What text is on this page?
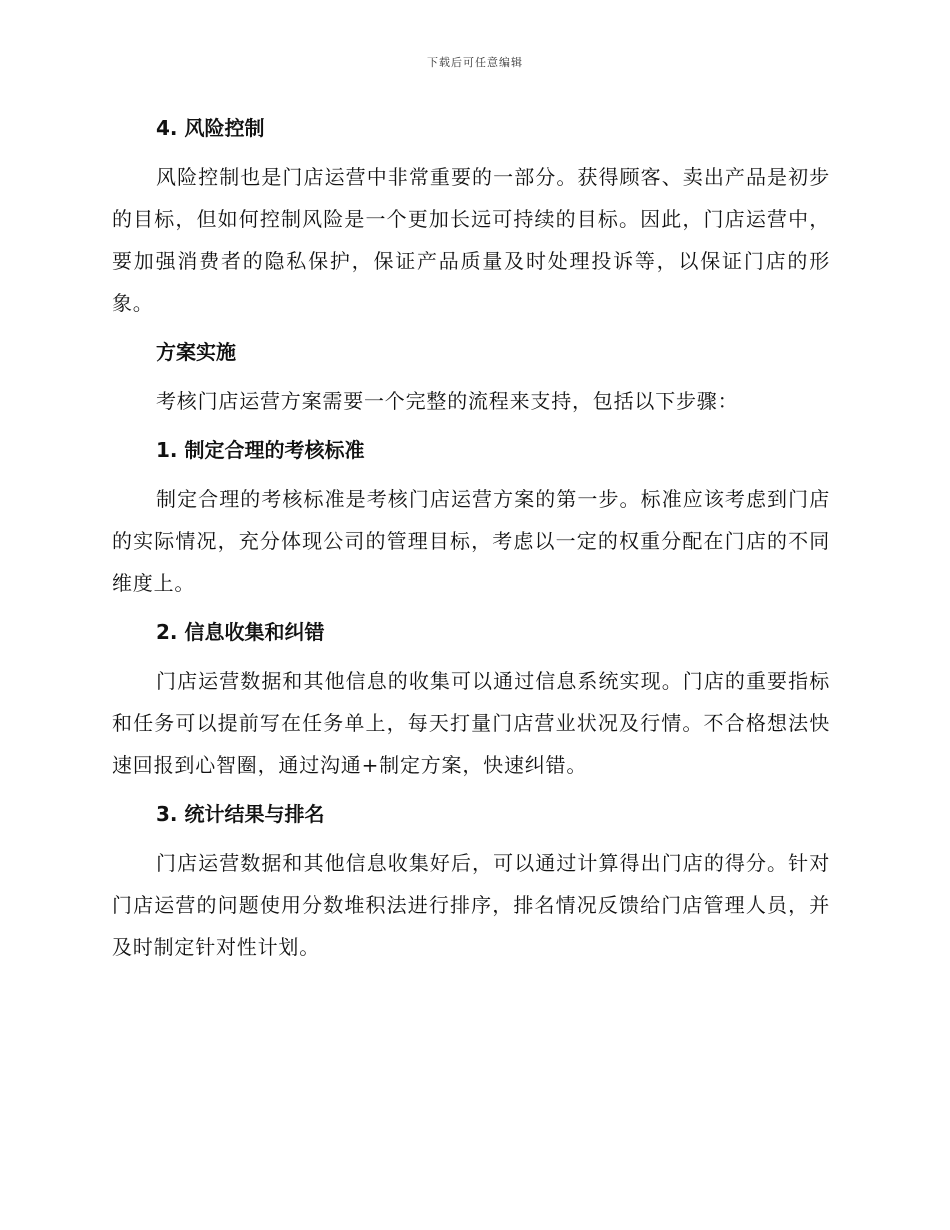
下载后可任意编辑
4. 风险控制
风险控制也是门店运营中非常重要的一部分。获得顾客、卖出产品是初步的目标，但如何控制风险是一个更加长远可持续的目标。因此，门店运营中，要加强消费者的隐私保护，保证产品质量及时处理投诉等，以保证门店的形象。
方案实施
考核门店运营方案需要一个完整的流程来支持，包括以下步骤：
1. 制定合理的考核标准
制定合理的考核标准是考核门店运营方案的第一步。标准应该考虑到门店的实际情况，充分体现公司的管理目标，考虑以一定的权重分配在门店的不同维度上。
2. 信息收集和纠错
门店运营数据和其他信息的收集可以通过信息系统实现。门店的重要指标和任务可以提前写在任务单上，每天打量门店营业状况及行情。不合格想法快速回报到心智圈，通过沟通+制定方案，快速纠错。
3. 统计结果与排名
门店运营数据和其他信息收集好后，可以通过计算得出门店的得分。针对门店运营的问题使用分数堆积法进行排序，排名情况反馈给门店管理人员，并及时制定针对性计划。
